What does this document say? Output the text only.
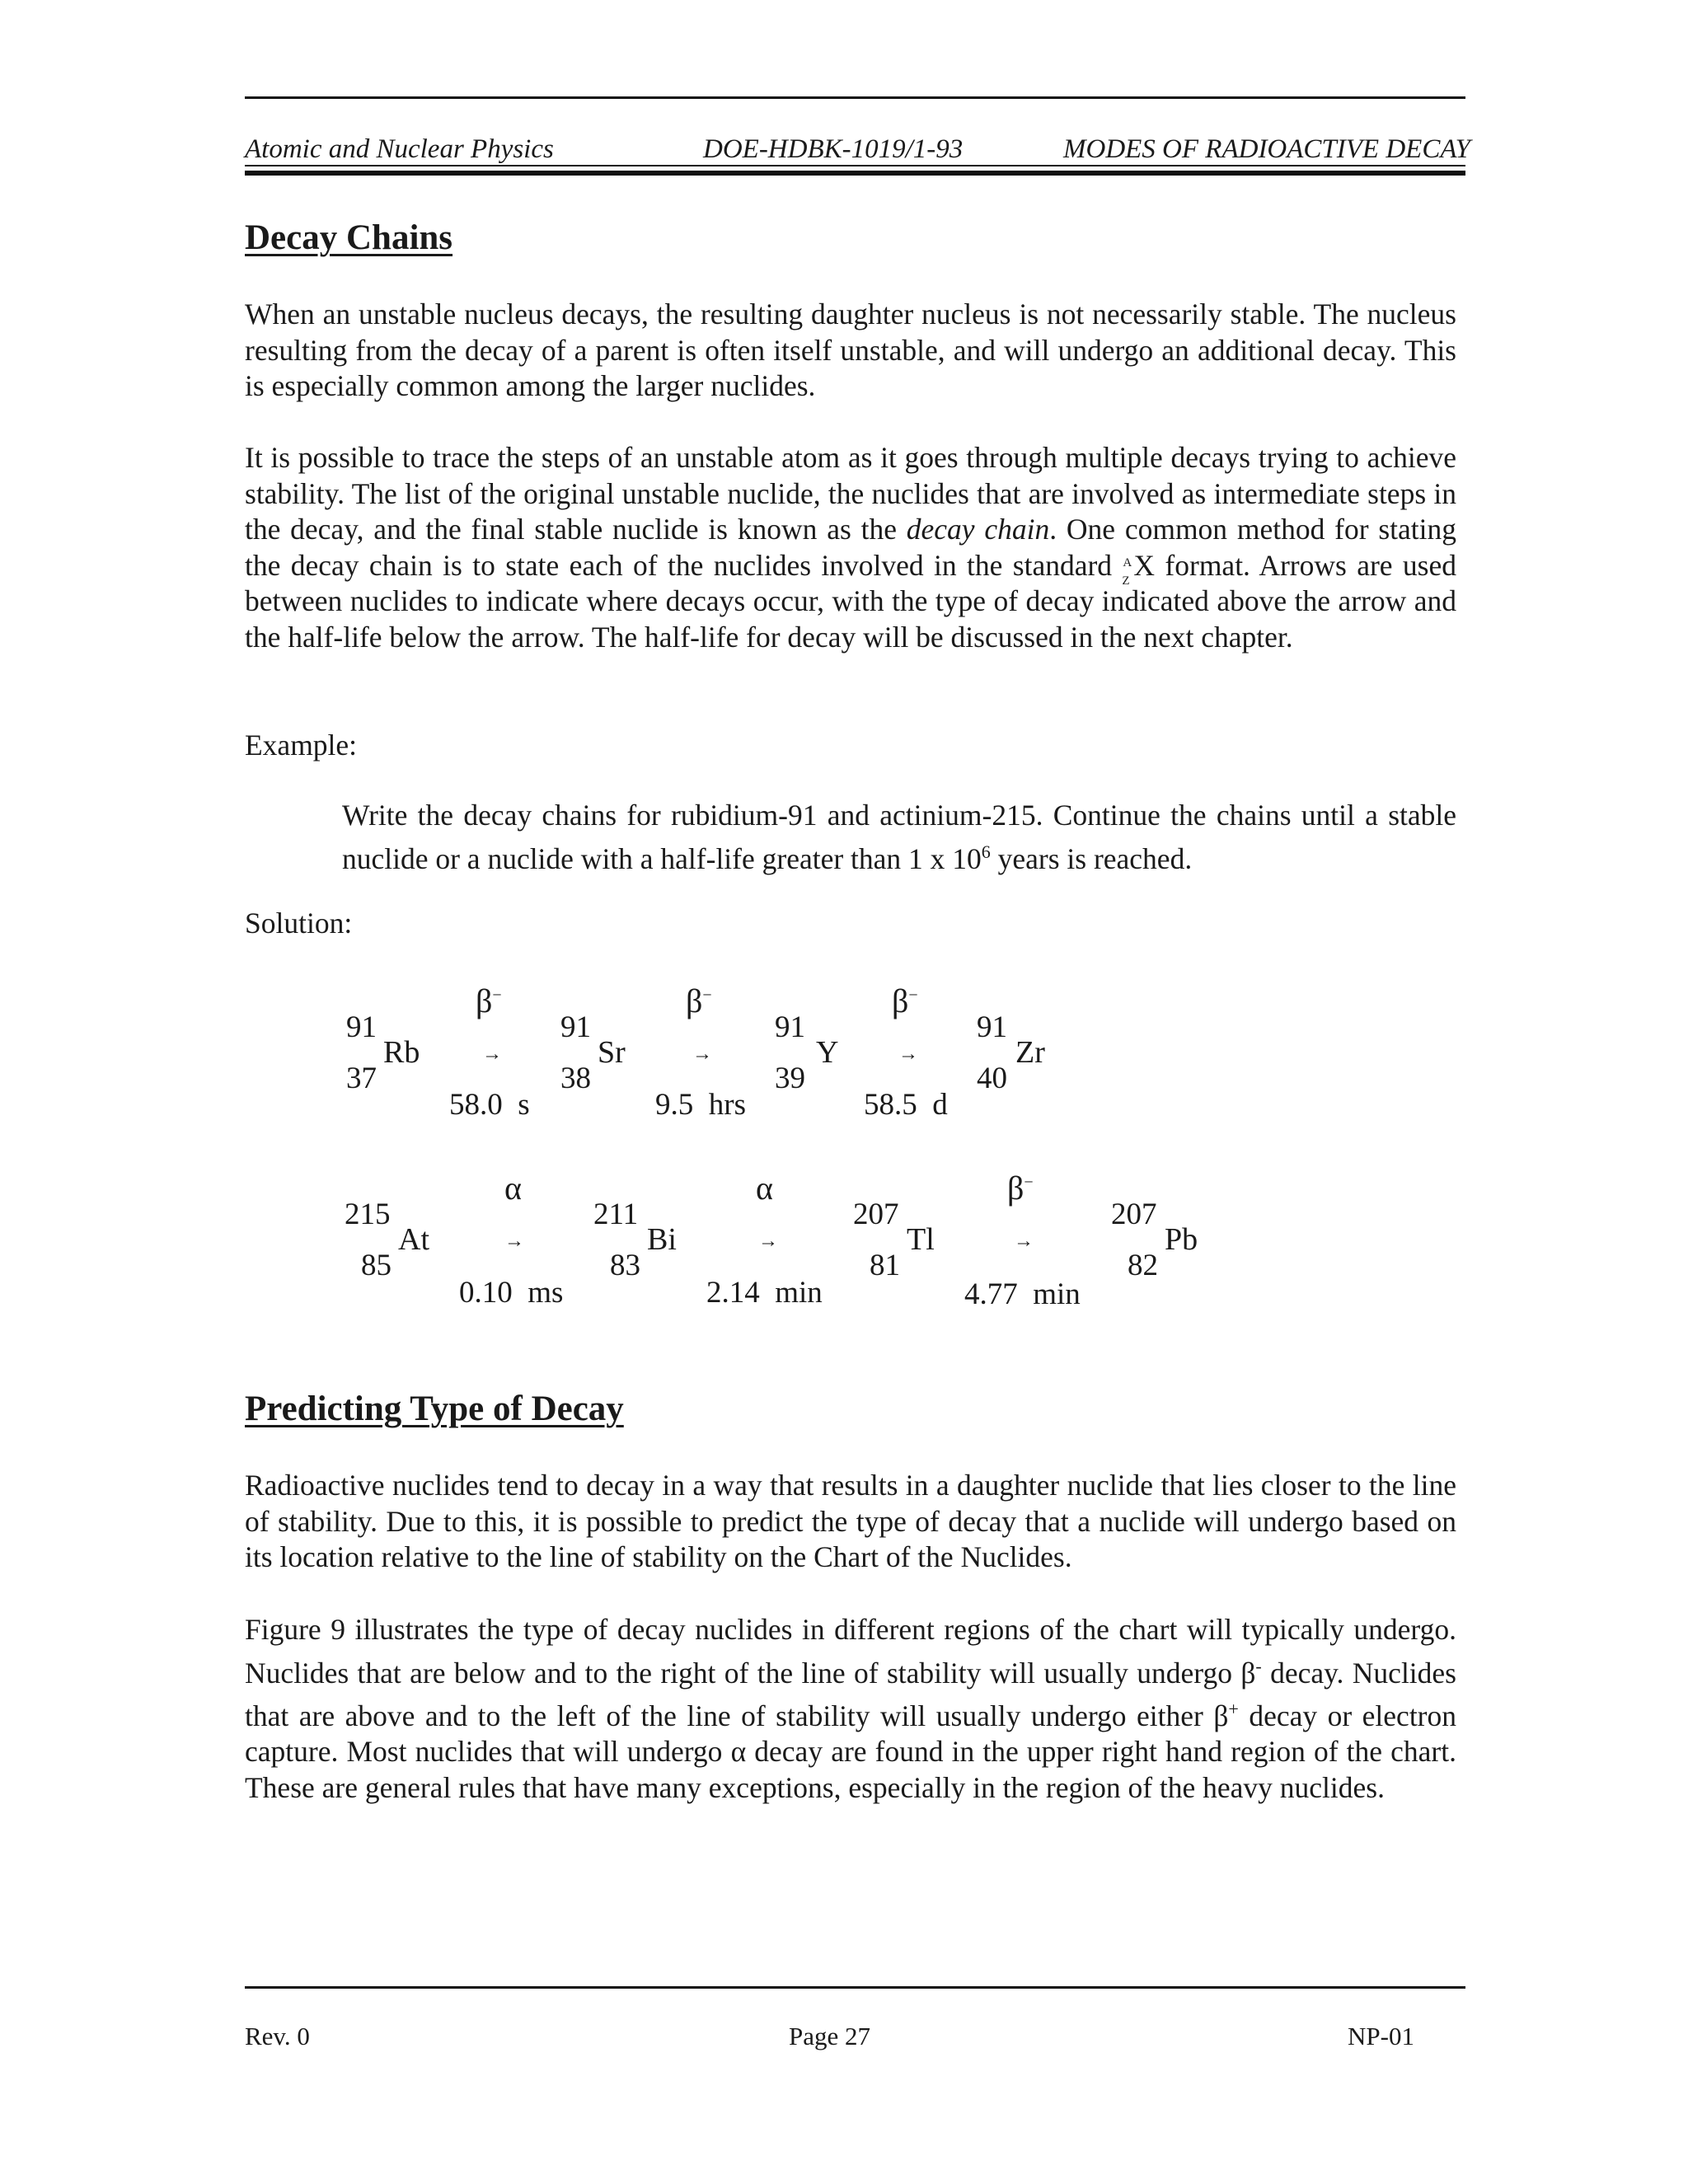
Atomic and Nuclear Physics	DOE-HDBK-1019/1-93	MODES OF RADIOACTIVE DECAY
Decay Chains

When an unstable nucleus decays, the resulting daughter nucleus is not necessarily stable. The nucleus resulting from the decay of a parent is often itself unstable, and will undergo an additional decay. This is especially common among the larger nuclides.

It is possible to trace the steps of an unstable atom as it goes through multiple decays trying to achieve stability. The list of the original unstable nuclide, the nuclides that are involved as intermediate steps in the decay, and the final stable nuclide is known as the decay chain. One common method for stating the decay chain is to state each of the nuclides involved in the standard A
Z X format. Arrows are used between nuclides to indicate where decays occur, with the type of decay indicated above the arrow and the half-life below the arrow. The half-life for decay will be discussed in the next chapter.

Example:

Write the decay chains for rubidium-91 and actinium-215. Continue the chains until a stable nuclide or a nuclide with a half-life greater than 1 x $10^6$ years is reached.

Solution:
91
Rb
37
β−
→
58.0  s
91
Sr
38
β−
→
9.5  hrs
91
Y
39
β−
→
58.5  d
91
Zr
40
215
At
85
α
→
0.10  ms
211
Bi
83
α
→
2.14  min
207
Tl
81
β−
→
4.77  min
207
Pb
82
Predicting Type of Decay

Radioactive nuclides tend to decay in a way that results in a daughter nuclide that lies closer to the line of stability. Due to this, it is possible to predict the type of decay that a nuclide will undergo based on its location relative to the line of stability on the Chart of the Nuclides.

Figure 9 illustrates the type of decay nuclides in different regions of the chart will typically undergo. Nuclides that are below and to the right of the line of stability will usually undergo β- decay. Nuclides that are above and to the left of the line of stability will usually undergo either β+ decay or electron capture. Most nuclides that will undergo α decay are found in the upper right hand region of the chart. These are general rules that have many exceptions, especially in the region of the heavy nuclides.

Rev. 0	Page 27	NP-01
